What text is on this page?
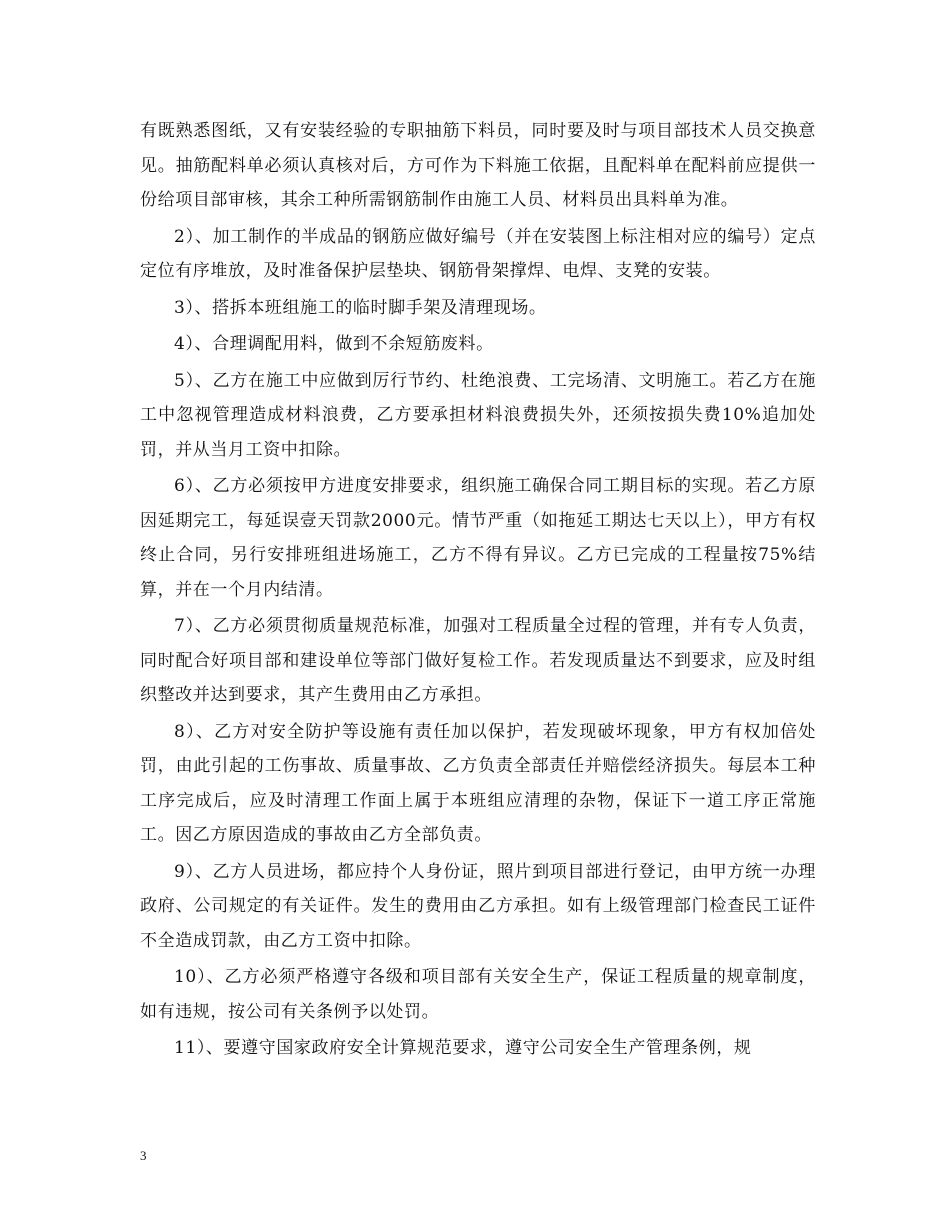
有既熟悉图纸，又有安装经验的专职抽筋下料员，同时要及时与项目部技术人员交换意见。抽筋配料单必须认真核对后，方可作为下料施工依据，且配料单在配料前应提供一份给项目部审核，其余工种所需钢筋制作由施工人员、材料员出具料单为准。

2）、加工制作的半成品的钢筋应做好编号（并在安装图上标注相对应的编号）定点定位有序堆放，及时准备保护层垫块、钢筋骨架撑焊、电焊、支凳的安装。

3）、搭拆本班组施工的临时脚手架及清理现场。

4）、合理调配用料，做到不余短筋废料。

5）、乙方在施工中应做到厉行节约、杜绝浪费、工完场清、文明施工。若乙方在施工中忽视管理造成材料浪费，乙方要承担材料浪费损失外，还须按损失费10%追加处罚，并从当月工资中扣除。

6）、乙方必须按甲方进度安排要求，组织施工确保合同工期目标的实现。若乙方原因延期完工，每延误壹天罚款2000元。情节严重（如拖延工期达七天以上），甲方有权终止合同，另行安排班组进场施工，乙方不得有异议。乙方已完成的工程量按75%结算，并在一个月内结清。

7）、乙方必须贯彻质量规范标准，加强对工程质量全过程的管理，并有专人负责，同时配合好项目部和建设单位等部门做好复检工作。若发现质量达不到要求，应及时组织整改并达到要求，其产生费用由乙方承担。

8）、乙方对安全防护等设施有责任加以保护，若发现破坏现象，甲方有权加倍处罚，由此引起的工伤事故、质量事故、乙方负责全部责任并赔偿经济损失。每层本工种工序完成后，应及时清理工作面上属于本班组应清理的杂物，保证下一道工序正常施工。因乙方原因造成的事故由乙方全部负责。

9）、乙方人员进场，都应持个人身份证，照片到项目部进行登记，由甲方统一办理政府、公司规定的有关证件。发生的费用由乙方承担。如有上级管理部门检查民工证件不全造成罚款，由乙方工资中扣除。

10）、乙方必须严格遵守各级和项目部有关安全生产，保证工程质量的规章制度，如有违规，按公司有关条例予以处罚。

11）、要遵守国家政府安全计算规范要求，遵守公司安全生产管理条例，规

3
